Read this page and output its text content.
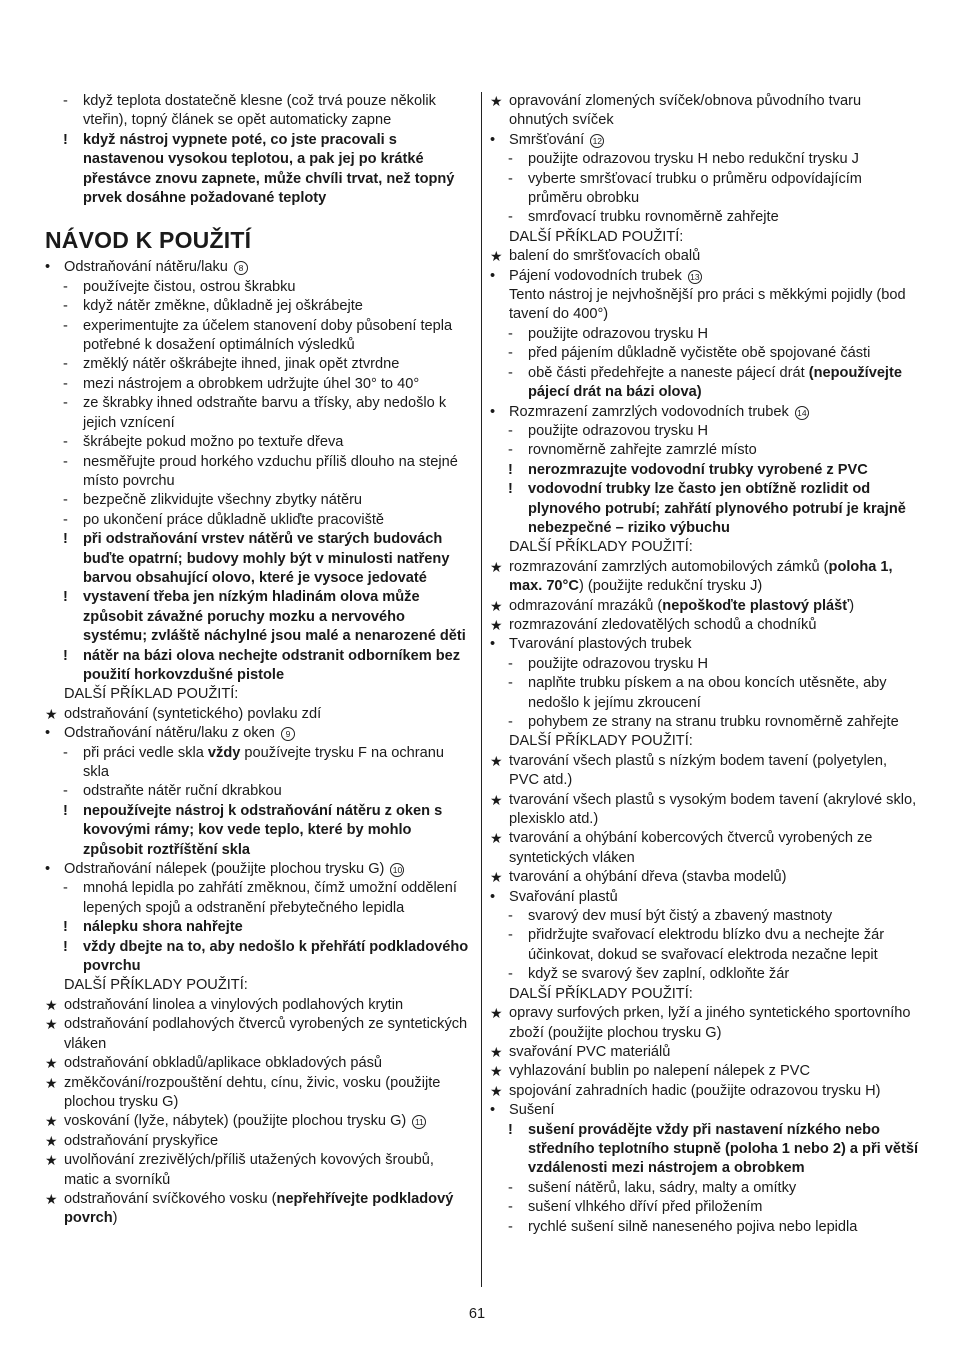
-	když teplota dostatečně klesne (což trvá pouze několik vteřin), topný článek se opět automaticky zapne
!	když nástroj vypnete poté, co jste pracovali s nastavenou vysokou teplotou, a pak jej po krátké přestávce znovu zapnete, může chvíli trvat, než topný prvek dosáhne požadované teploty
NÁVOD K POUŽITÍ
• Odstraňování nátěru/laku 8
-	používejte čistou, ostrou škrabku
-	když nátěr změkne, důkladně jej oškrábejte
-	experimentujte za účelem stanovení doby působení tepla potřebné k dosažení optimálních výsledků
-	změklý nátěr oškrábejte ihned, jinak opět ztvrdne
-	mezi nástrojem a obrobkem udržujte úhel 30° to 40°
-	ze škrabky ihned odstraňte barvu a třísky, aby nedošlo k jejich vznícení
-	škrábejte pokud možno po textuře dřeva
-	nesměřujte proud horkého vzduchu příliš dlouho na stejné místo povrchu
-	bezpečně zlikvidujte všechny zbytky nátěru
-	po ukončení práce důkladně ukliďte pracoviště
!	při odstraňování vrstev nátěrů ve starých budovách buďte opatrní; budovy mohly být v minulosti natřeny barvou obsahující olovo, které je vysoce jedovaté
!	vystavení třeba jen nízkým hladinám olova může způsobit závažné poruchy mozku a nervového systému; zvláště náchylné jsou malé a nenarozené děti
!	nátěr na bázi olova nechejte odstranit odborníkem bez použití horkovzdušné pistole
DALŠÍ PŘÍKLAD POUŽITÍ:
★ odstraňování (syntetického) povlaku zdí
• Odstraňování nátěru/laku z oken 9
-	při práci vedle skla vždy používejte trysku F na ochranu skla
-	odstraňte nátěr ruční dkrabkou
!	nepoužívejte nástroj k odstraňování nátěru z oken s kovovými rámy; kov vede teplo, které by mohlo způsobit roztříštění skla
• Odstraňování nálepek (použijte plochou trysku G) 10
-	mnohá lepidla po zahřátí změknou, čímž umožní oddělení lepených spojů a odstranění přebytečného lepidla
!	nálepku shora nahřejte
!	vždy dbejte na to, aby nedošlo k přehřátí podkladového povrchu
DALŠÍ PŘÍKLADY POUŽITÍ:
★ odstraňování linolea a vinylových podlahových krytin
★ odstraňování podlahových čtverců vyrobených ze syntetických vláken
★ odstraňování obkladů/aplikace obkladových pásů
★ změkčování/rozpouštění dehtu, cínu, živic, vosku (použijte plochou trysku G)
★ voskování (lyže, nábytek) (použijte plochou trysku G) 11
★ odstraňování pryskyřice
★ uvolňování zrezivělých/příliš utažených kovových šroubů, matic a svorníků
★ odstraňování svíčkového vosku (nepřehřívejte podkladový povrch)
★ opravování zlomených svíček/obnova původního tvaru ohnutých svíček
• Smršťování 12
-	použijte odrazovou trysku H nebo redukční trysku J
-	vyberte smršťovací trubku o průměru odpovídajícím průměru obrobku
-	smrďovací trubku rovnoměrně zahřejte
DALŠÍ PŘÍKLAD POUŽITÍ:
★ balení do smršťovacích obalů
• Pájení vodovodních trubek 13
Tento nástroj je nejvhošnější pro práci s měkkými pojidly (bod tavení do 400°)
-	použijte odrazovou trysku H
-	před pájením důkladně vyčistěte obě spojované části
-	obě části předehřejte a naneste pájecí drát (nepoužívejte pájecí drát na bázi olova)
• Rozmrazení zamrzlých vodovodních trubek 14
-	použijte odrazovou trysku H
-	rovnoměrně zahřejte zamrzlé místo
!	nerozmrazujte vodovodní trubky vyrobené z PVC
!	vodovodní trubky lze často jen obtížně rozlidit od plynového potrubí; zahřátí plynového potrubí je krajně nebezpečné – riziko výbuchu
DALŠÍ PŘÍKLADY POUŽITÍ:
★ rozmrazování zamrzlých automobilových zámků (poloha 1, max. 70°C) (použijte redukční trysku J)
★ odmrazování mrazáků (nepoškoďte plastový plášť)
★ rozmrazování zledovatělých schodů a chodníků
• Tvarování plastových trubek
-	použijte odrazovou trysku H
-	naplňte trubku pískem a na obou koncích utěsněte, aby nedošlo k jejímu zkroucení
-	pohybem ze strany na stranu trubku rovnoměrně zahřejte
DALŠÍ PŘÍKLADY POUŽITÍ:
★ tvarování všech plastů s nízkým bodem tavení (polyetylen, PVC atd.)
★ tvarování všech plastů s vysokým bodem tavení (akrylové sklo, plexisklo atd.)
★ tvarování a ohýbání kobercových čtverců vyrobených ze syntetických vláken
★ tvarování a ohýbání dřeva (stavba modelů)
• Svařování plastů
-	svarový dev musí být čistý a zbavený mastnoty
-	přidržujte svařovací elektrodu blízko dvu a nechejte žár účinkovat, dokud se svařovací elektroda nezačne lepit
-	když se svarový šev zaplní, odkloňte žár
DALŠÍ PŘÍKLADY POUŽITÍ:
★ opravy surfových prken, lyží a jiného syntetického sportovního zboží (použijte plochou trysku G)
★ svařování PVC materiálů
★ vyhlazování bublin po nalepení nálepek z PVC
★ spojování zahradních hadic (použijte odrazovou trysku H)
• Sušení
!	sušení provádějte vždy při nastavení nízkého nebo středního teplotního stupně (poloha 1 nebo 2) a při větší vzdálenosti mezi nástrojem a obrobkem
-	sušení nátěrů, laku, sádry, malty a omítky
-	sušení vlhkého dříví před přiložením
-	rychlé sušení silně naneseného pojiva nebo lepidla
61
